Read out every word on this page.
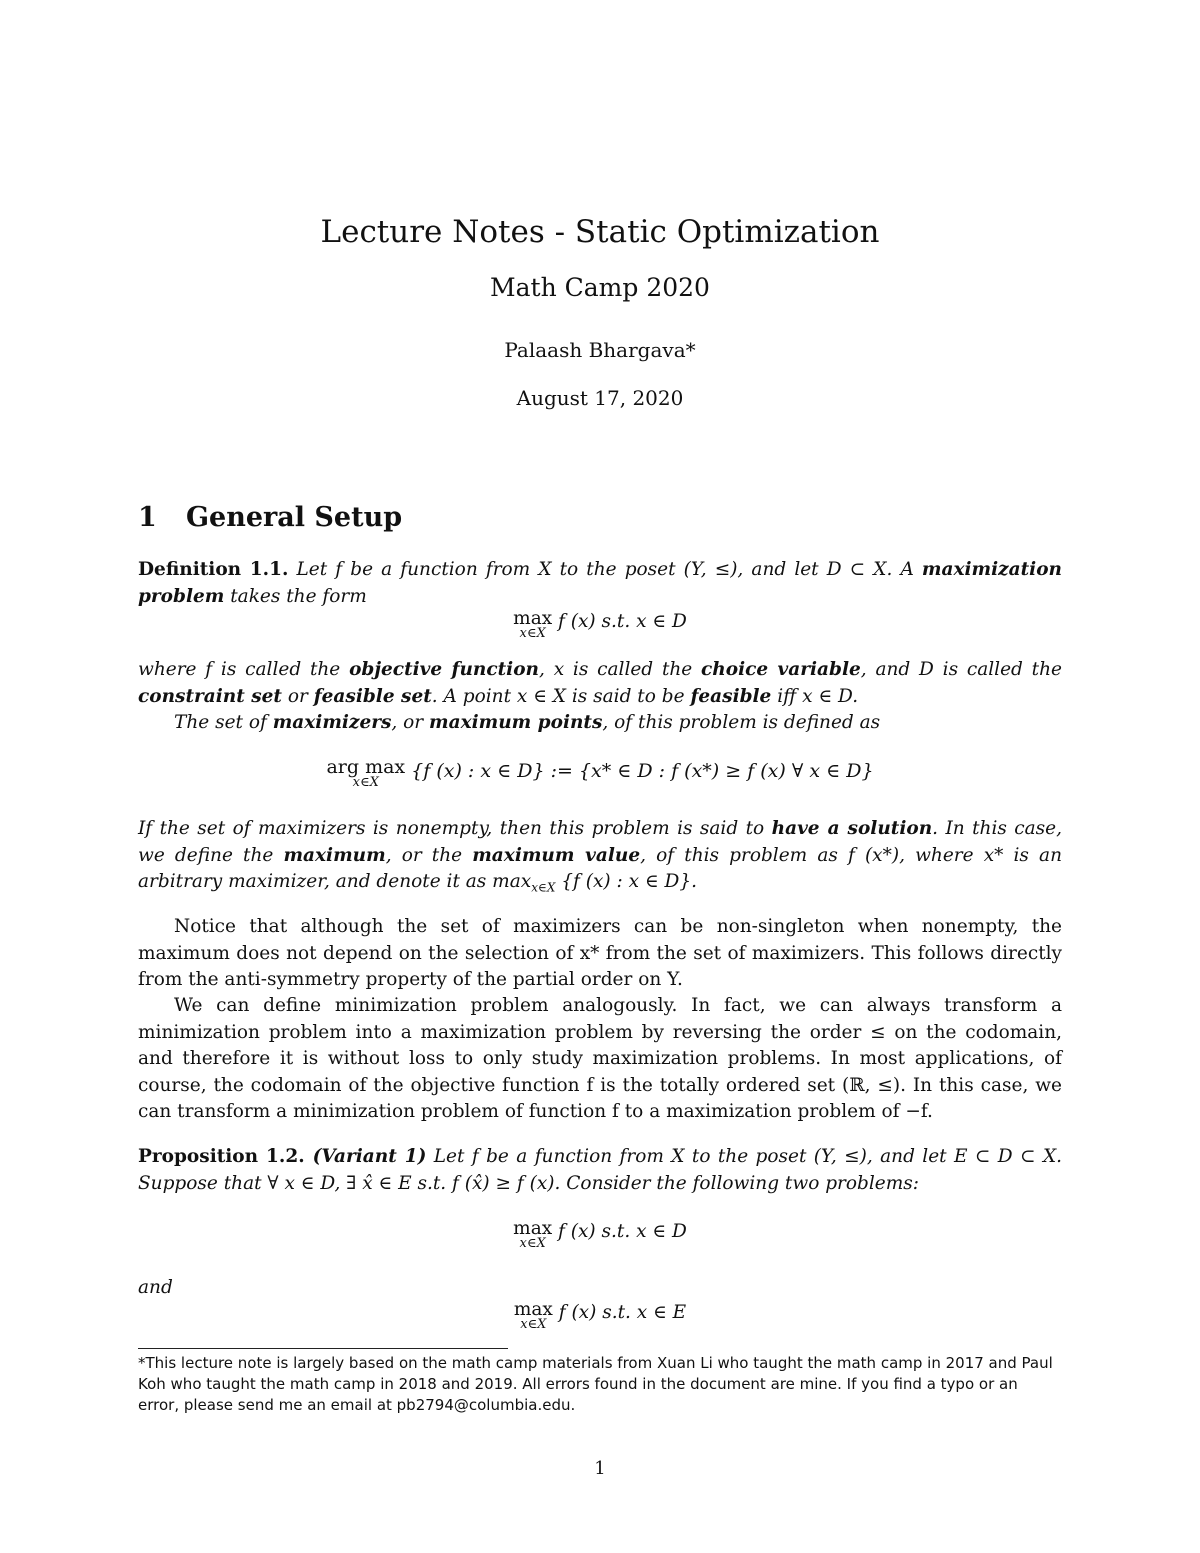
Lecture Notes - Static Optimization
Math Camp 2020
Palaash Bhargava*
August 17, 2020
1 General Setup
Definition 1.1. Let f be a function from X to the poset (Y, ≤), and let D ⊂ X. A maximization problem takes the form
max
x∈X
f (x) s.t. x ∈ D
where f is called the objective function, x is called the choice variable, and D is called the constraint set or feasible set. A point x ∈ X is said to be feasible iff x ∈ D.
The set of maximizers, or maximum points, of this problem is defined as
arg max
x∈X
{f (x) : x ∈ D} := {x* ∈ D : f (x*) ≥ f (x) ∀ x ∈ D}
If the set of maximizers is nonempty, then this problem is said to have a solution. In this case, we define the maximum, or the maximum value, of this problem as f (x*), where x* is an arbitrary maximizer, and denote it as $\max_{x\in X} \{f$ (x) : x ∈ D}.
Notice that although the set of maximizers can be non-singleton when nonempty, the maximum does not depend on the selection of x* from the set of maximizers. This follows directly from the anti-symmetry property of the partial order on Y.
We can define minimization problem analogously. In fact, we can always transform a minimization problem into a maximization problem by reversing the order ≤ on the codomain, and therefore it is without loss to only study maximization problems. In most applications, of course, the codomain of the objective function f is the totally ordered set (ℝ, ≤). In this case, we can transform a minimization problem of function f to a maximization problem of −f.
Proposition 1.2. (Variant 1) Let f be a function from X to the poset (Y, ≤), and let E ⊂ D ⊂ X. Suppose that ∀ x ∈ D, ∃ x̂ ∈ E s.t. f (x̂) ≥ f (x). Consider the following two problems:
max
x∈X
f (x) s.t. x ∈ D
and
max
x∈X
f (x) s.t. x ∈ E
*This lecture note is largely based on the math camp materials from Xuan Li who taught the math camp in 2017 and Paul Koh who taught the math camp in 2018 and 2019. All errors found in the document are mine. If you find a typo or an error, please send me an email at pb2794@columbia.edu.
1
